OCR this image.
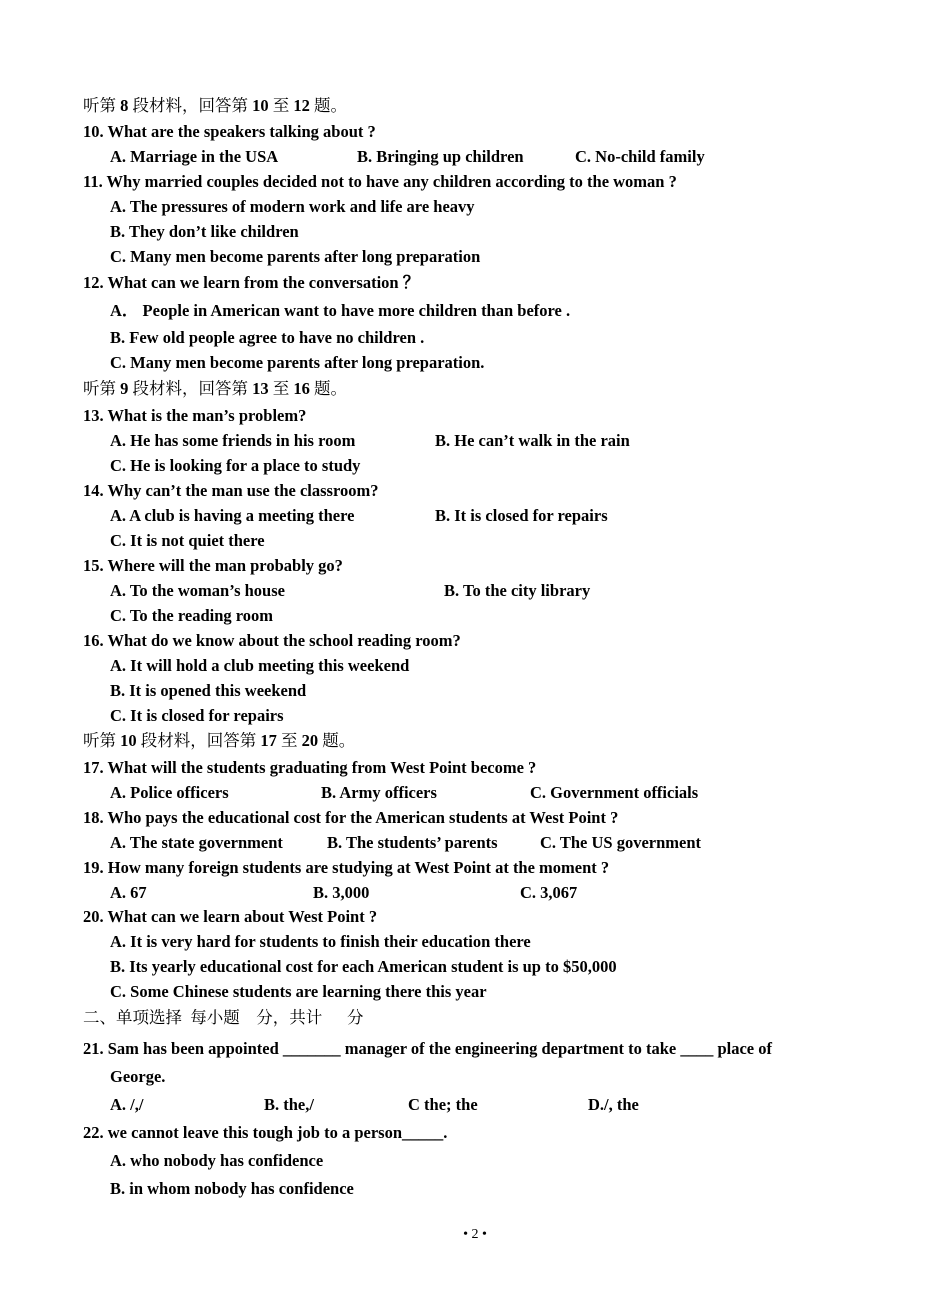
听第 8 段材料，回答第 10 至 12 题。
10. What are the speakers talking about ?
A. Marriage in the USA	B. Bringing up children	C. No-child family
11. Why married couples decided not to have any children according to the woman ?
A. The pressures of modern work and life are heavy
B. They don’t like children
C. Many men become parents after long preparation
12. What can we learn from the conversation ？
A． People in American want to have more children than before .
B. Few old people agree to have no children .
C. Many men become parents after long preparation.
听第 9 段材料，回答第 13 至 16 题。
13. What is the man’s problem?
A. He has some friends in his room	B. He can’t walk in the rain
C. He is looking for a place to study
14. Why can’t the man use the classroom?
A. A club is having a meeting there	B. It is closed for repairs
C. It is not quiet there
15. Where will the man probably go?
A. To the woman’s house	B. To the city library
C. To the reading room
16. What do we know about the school reading room?
A. It will hold a club meeting this weekend
B. It is opened this weekend
C. It is closed for repairs
听第 10 段材料，回答第 17 至 20 题。
17. What will the students graduating from West Point become ?
A. Police officers	B. Army officers	C. Government officials
18. Who pays the educational cost for the American students at West Point ?
A. The state government	B. The students’ parents	C. The US government
19. How many foreign students are studying at West Point at the moment ?
A. 67	B. 3,000	C. 3,067
20. What can we learn about West Point ?
A. It is very hard for students to finish their education there
B. Its yearly educational cost for each American student is up to $50,000
C. Some Chinese students are learning there this year
二、单项选择  每小题    分，共计      分
21. Sam has been appointed _______ manager of the engineering department to take ____ place of
George.
A. /,/	B. the,/	C the; the	D./, the
22. we cannot leave this tough job to a person_____.
A. who nobody has confidence
B. in whom nobody has confidence
• 2 •
